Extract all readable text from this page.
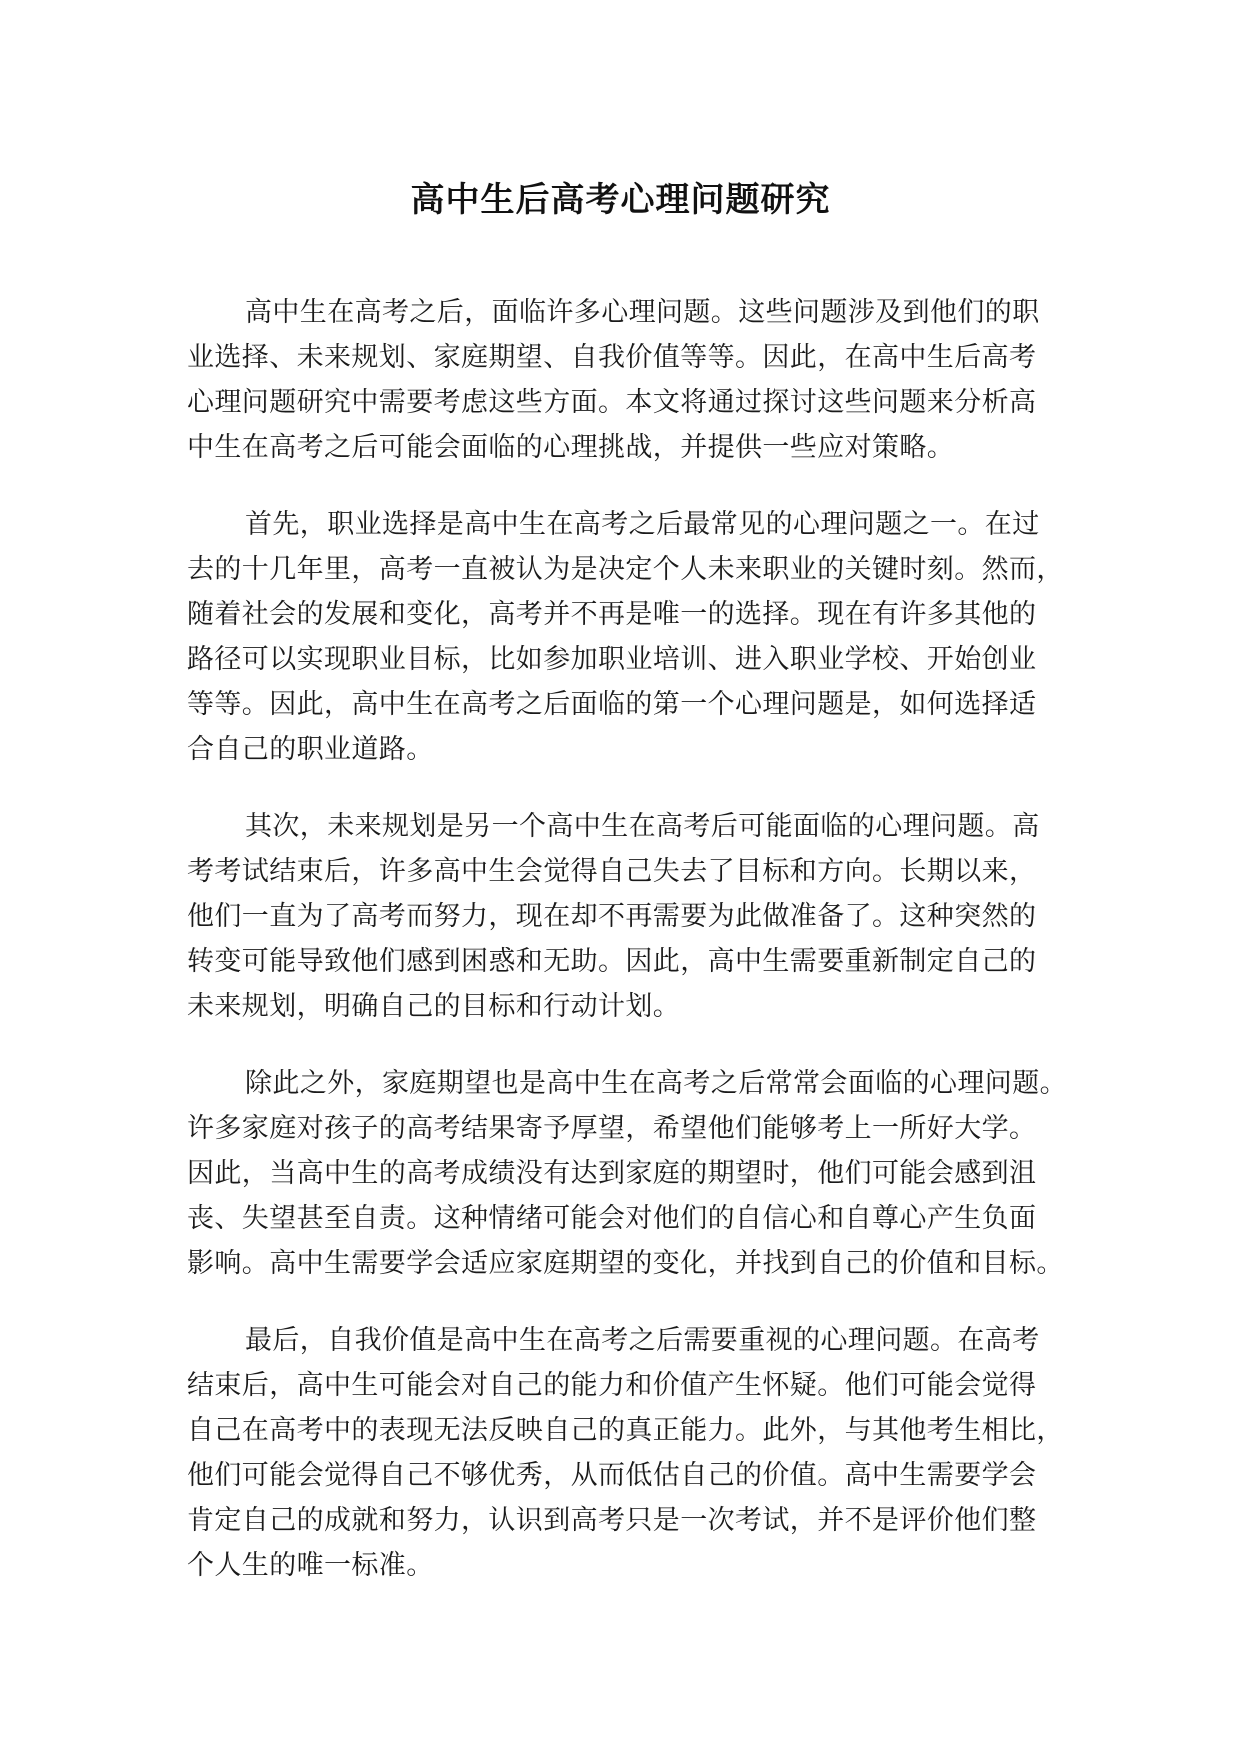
高中生后高考心理问题研究
高中生在高考之后，面临许多心理问题。这些问题涉及到他们的职
业选择、未来规划、家庭期望、自我价值等等。因此，在高中生后高考
心理问题研究中需要考虑这些方面。本文将通过探讨这些问题来分析高
中生在高考之后可能会面临的心理挑战，并提供一些应对策略。
首先，职业选择是高中生在高考之后最常见的心理问题之一。在过
去的十几年里，高考一直被认为是决定个人未来职业的关键时刻。然而，
随着社会的发展和变化，高考并不再是唯一的选择。现在有许多其他的
路径可以实现职业目标，比如参加职业培训、进入职业学校、开始创业
等等。因此，高中生在高考之后面临的第一个心理问题是，如何选择适
合自己的职业道路。
其次，未来规划是另一个高中生在高考后可能面临的心理问题。高
考考试结束后，许多高中生会觉得自己失去了目标和方向。长期以来，
他们一直为了高考而努力，现在却不再需要为此做准备了。这种突然的
转变可能导致他们感到困惑和无助。因此，高中生需要重新制定自己的
未来规划，明确自己的目标和行动计划。
除此之外，家庭期望也是高中生在高考之后常常会面临的心理问题。
许多家庭对孩子的高考结果寄予厚望，希望他们能够考上一所好大学。
因此，当高中生的高考成绩没有达到家庭的期望时，他们可能会感到沮
丧、失望甚至自责。这种情绪可能会对他们的自信心和自尊心产生负面
影响。高中生需要学会适应家庭期望的变化，并找到自己的价值和目标。
最后，自我价值是高中生在高考之后需要重视的心理问题。在高考
结束后，高中生可能会对自己的能力和价值产生怀疑。他们可能会觉得
自己在高考中的表现无法反映自己的真正能力。此外，与其他考生相比，
他们可能会觉得自己不够优秀，从而低估自己的价值。高中生需要学会
肯定自己的成就和努力，认识到高考只是一次考试，并不是评价他们整
个人生的唯一标准。
